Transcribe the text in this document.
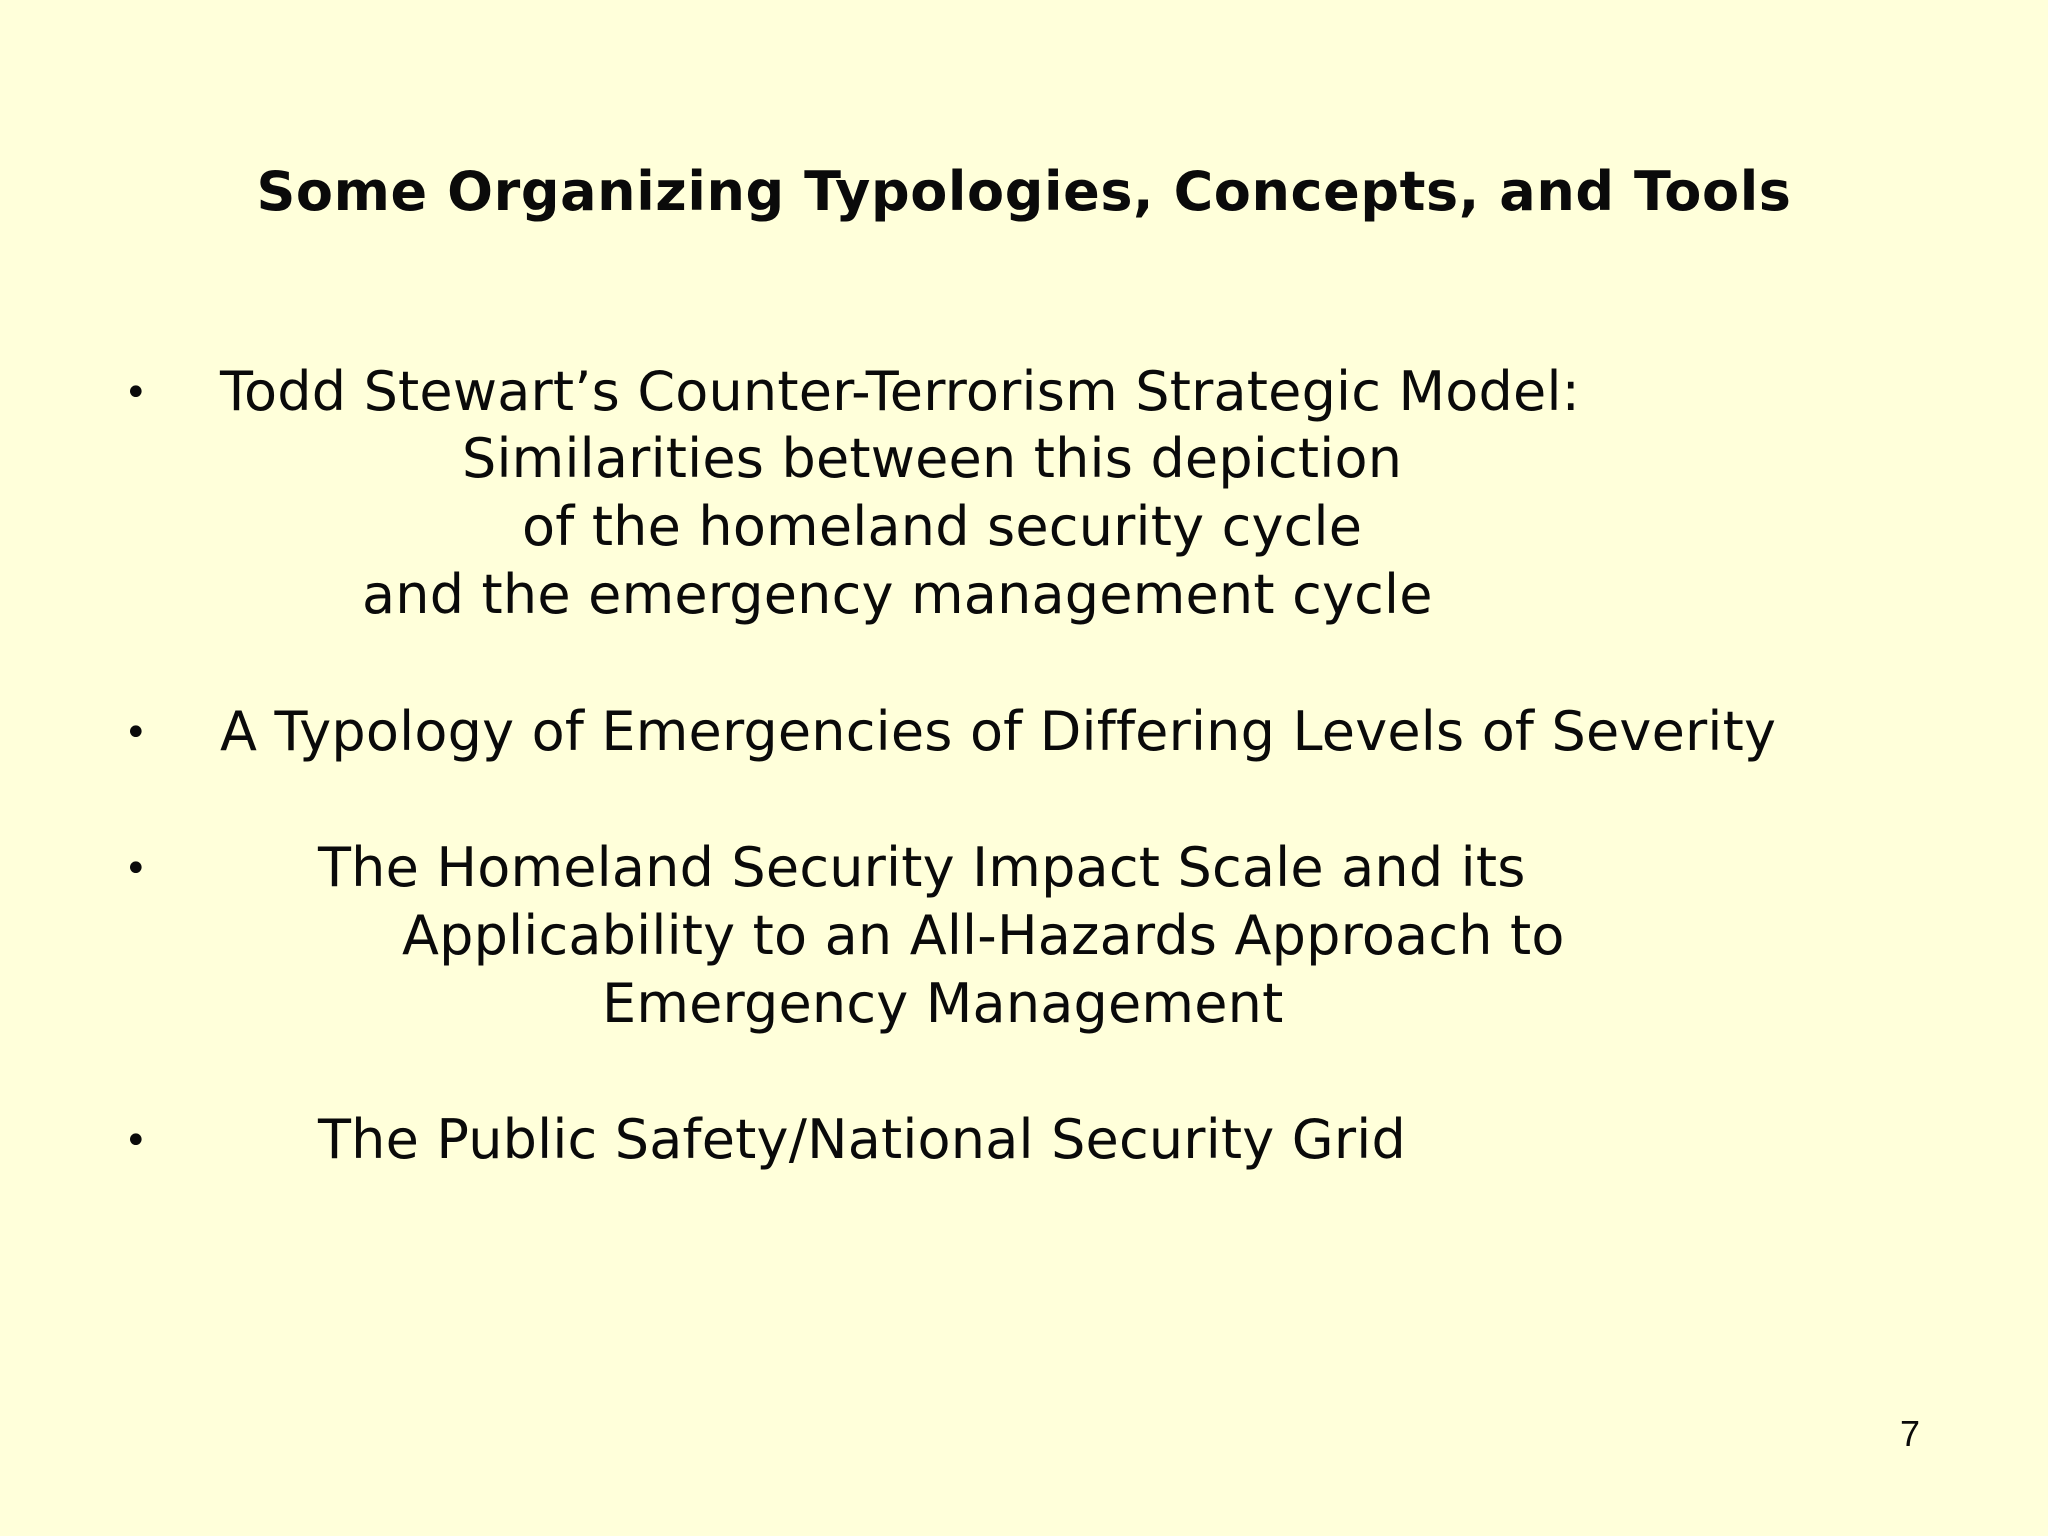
Some Organizing Typologies, Concepts, and Tools
• Todd Stewart’s Counter-Terrorism Strategic Model:
Similarities between this depiction
of the homeland security cycle
and the emergency management cycle
• A Typology of Emergencies of Differing Levels of Severity
•	The Homeland Security Impact Scale and its
Applicability to an All-Hazards Approach to
Emergency Management
•	The Public Safety/National Security Grid
7
